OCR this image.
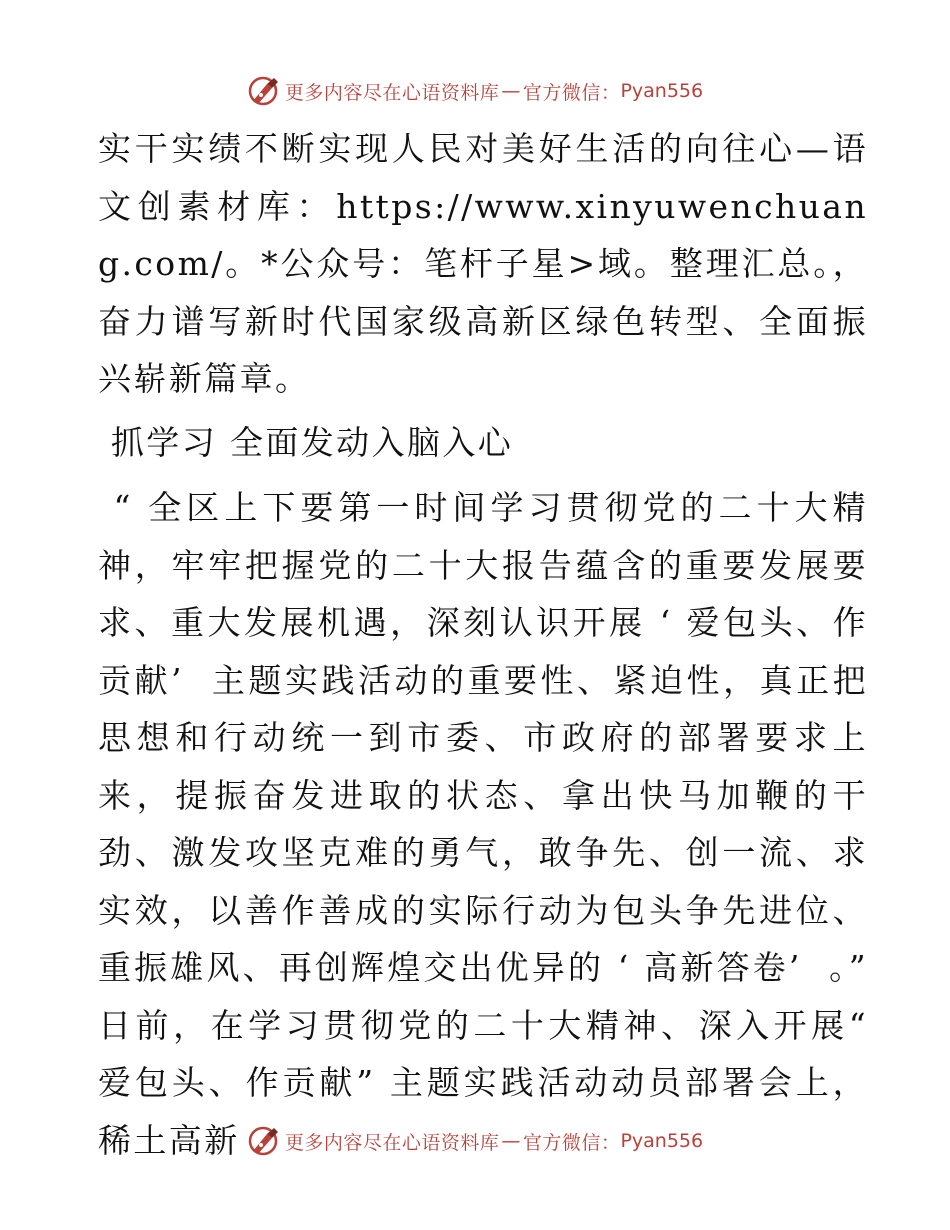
更多内容尽在心语资料库 — 官方微信： Pyan556

实干实绩不断实现人民对美好生活的向往心—语文创素材库：https://www.xinyuwenchuang.com/。*公众号：笔杆子星>域。整理汇总。，奋力谱写新时代国家级高新区绿色转型、全面振兴崭新篇章。

抓学习 全面发动入脑入心

“ 全区上下要第一时间学习贯彻党的二十大精神，牢牢把握党的二十大报告蕴含的重要发展要求、重大发展机遇，深刻认识开展 ‘ 爱包头、作贡献’  主题实践活动的重要性、紧迫性，真正把思想和行动统一到市委、市政府的部署要求上来，提振奋发进取的状态、拿出快马加鞭的干劲、激发攻坚克难的勇气，敢争先、创一流、求实效，以善作善成的实际行动为包头争先进位、重振雄风、再创辉煌交出优异的 ‘ 高新答卷’  。” 日前，在学习贯彻党的二十大精神、深入开展“ 爱包头、作贡献” 主题实践活动动员部署会上，稀土高新	更多内容尽在心语资料库 — 官方微信： Pyan556
